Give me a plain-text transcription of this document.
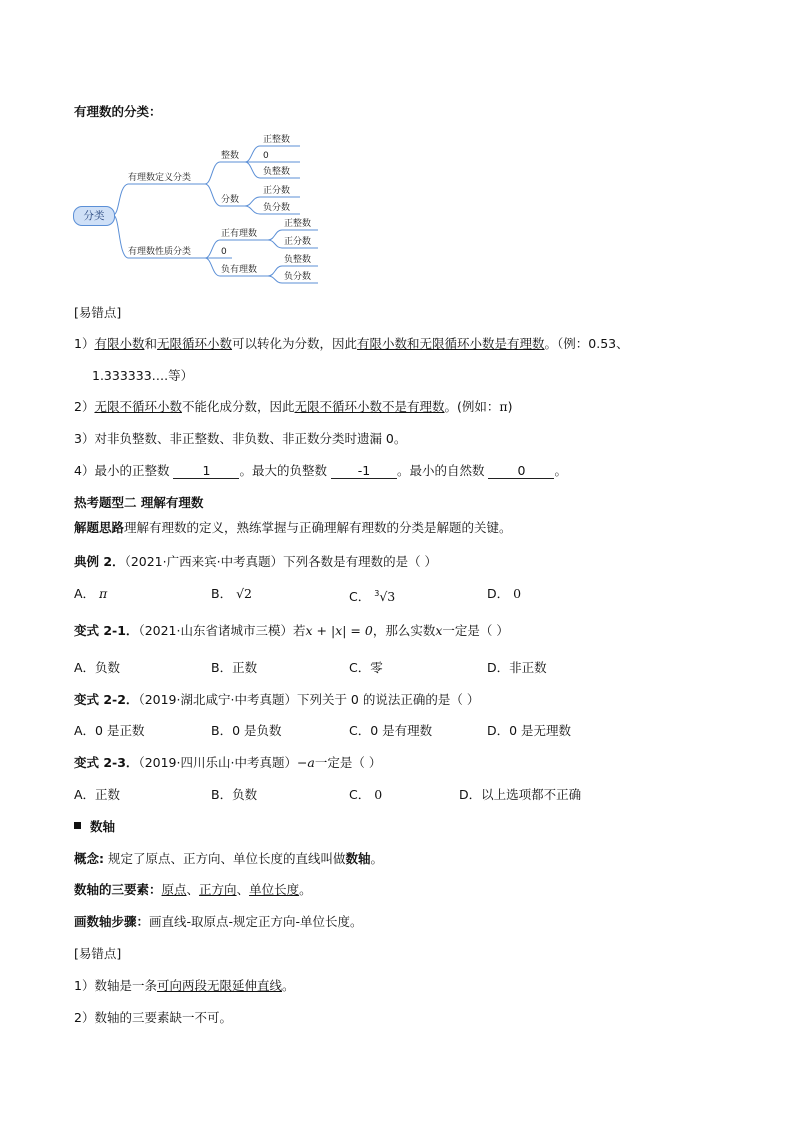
有理数的分类：
分类
有理数定义分类
整数
正整数
0
负整数
分数
正分数
负分数
有理数性质分类
正有理数
正整数
正分数
0
负有理数
负整数
负分数
[易错点]
1）有限小数和无限循环小数可以转化为分数，因此有限小数和无限循环小数是有理数。（例：0.53、
1.333333….等）
2）无限不循环小数不能化成分数，因此无限不循环小数不是有理数。(例如：π)
3）对非负整数、非正整数、非负数、非正数分类时遗漏 0。
4）最小的正整数	1 。最大的负整数 -1 。最小的自然数	0 。
热考题型二 理解有理数
解题思路理解有理数的定义，熟练掌握与正确理解有理数的分类是解题的关键。
典例 2．（2021·广西来宾·中考真题）下列各数是有理数的是（ ）
A． π	B． √2	C． $^3$√3	D． 0
变式 2-1．（2021·山东省诸城市三模）若x + |x| = 0，那么实数x一定是（ ）
A．负数	B．正数	C．零	D．非正数
变式 2-2．（2019·湖北咸宁·中考真题）下列关于 0 的说法正确的是（ ）
A．0 是正数	B．0 是负数	C．0 是有理数	D．0 是无理数
变式 2-3．（2019·四川乐山·中考真题）−a一定是（ ）
A．正数	B．负数	C． 0	D．以上选项都不正确
数轴
概念: 规定了原点、正方向、单位长度的直线叫做数轴。
数轴的三要素：原点、正方向、单位长度。
画数轴步骤：画直线-取原点-规定正方向-单位长度。
[易错点]
1）数轴是一条可向两段无限延伸直线。
2）数轴的三要素缺一不可。
